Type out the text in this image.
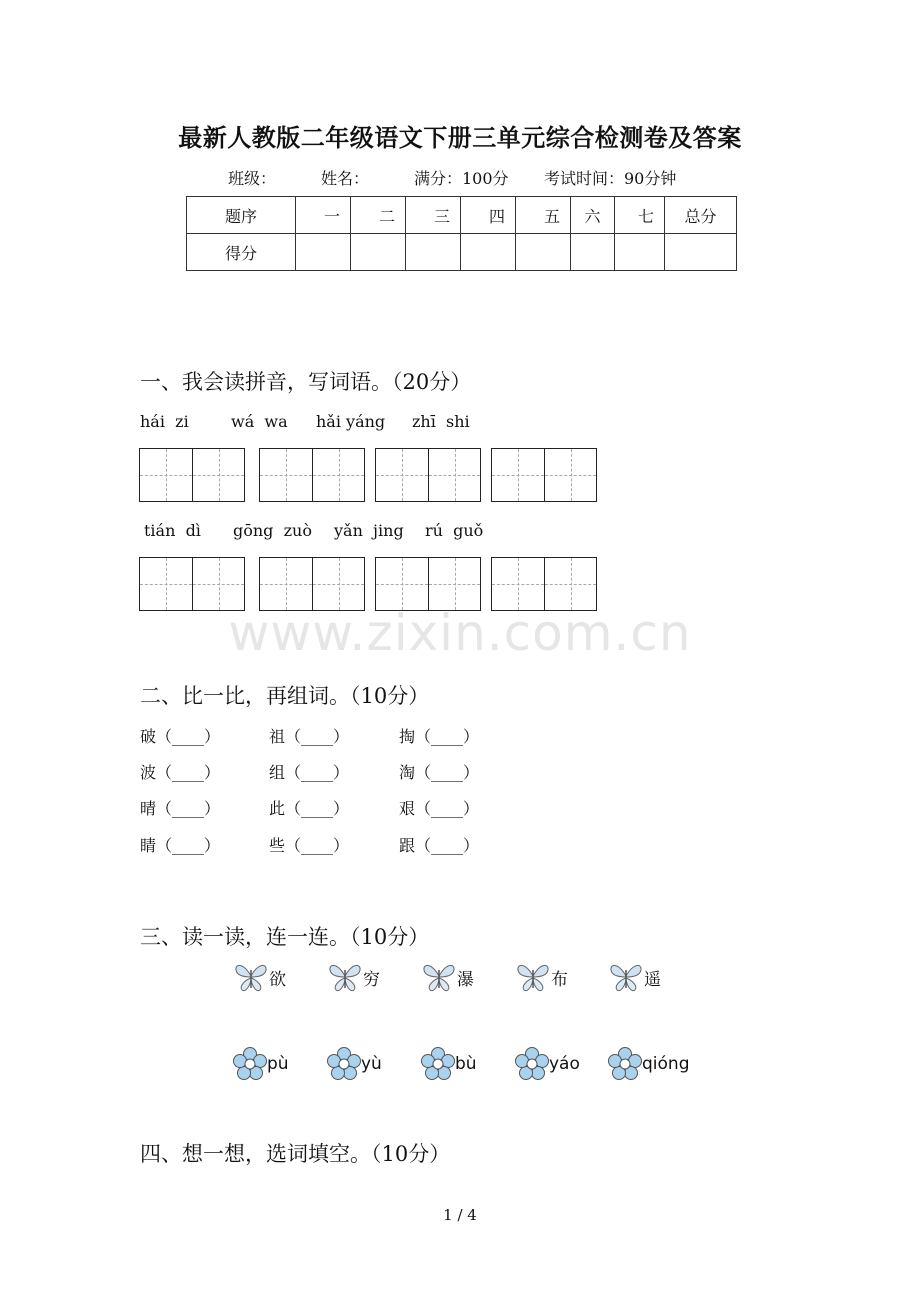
最新人教版二年级语文下册三单元综合检测卷及答案
班级：	姓名：	满分：100分 考试时间：90分钟
题序	一	二	三	四	五	六	七	总分
得分								
一、我会读拼音，写词语。（20分）
hái  zi	wá  wa hǎi yáng zhī  shi
tián  dì gōng  zuò yǎn  jing rú  guǒ
www.zixin.com.cn
二、比一比，再组词。（10分）
破（____）	祖（____）	掏（____）
波（____）	组（____）	淘（____）
晴（____）	此（____）	艰（____）
睛（____）	些（____）	跟（____）
三、读一读，连一连。（10分）
欲	穷	瀑	布	遥
pù	yù	bù	yáo	qióng
四、想一想，选词填空。（10分）
1 / 4
